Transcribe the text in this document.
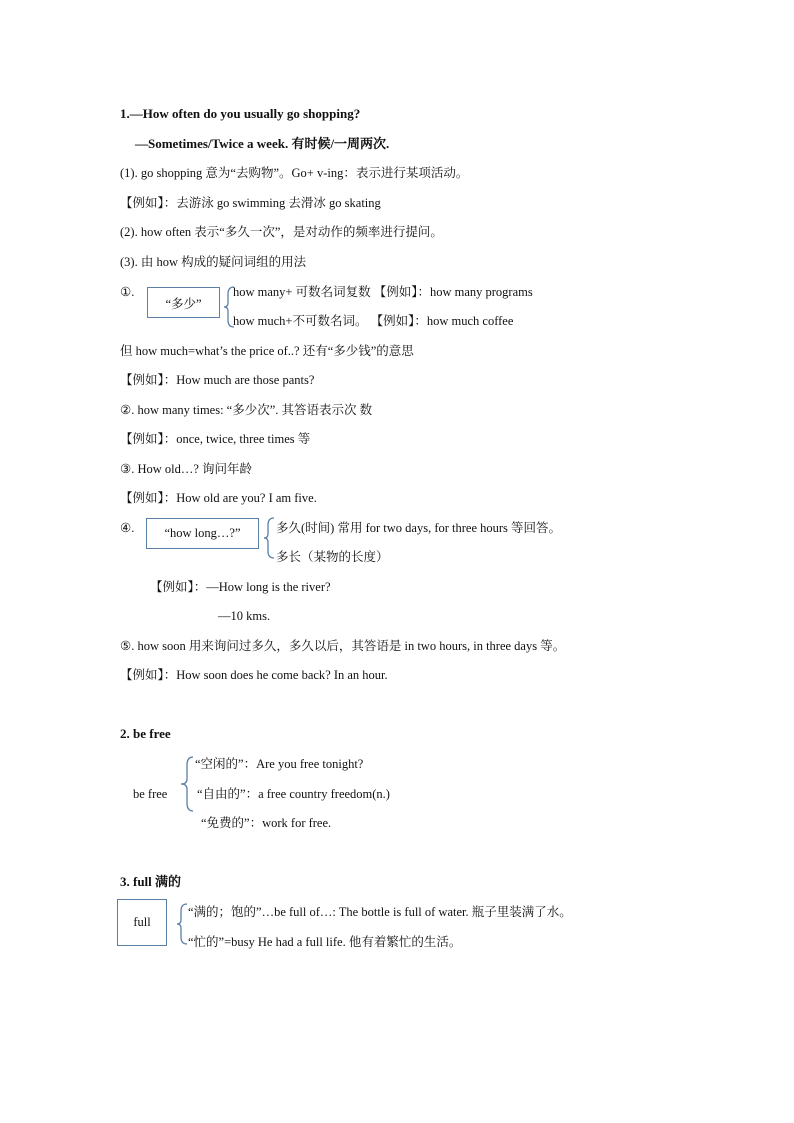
1.—How often do you usually go shopping?
—Sometimes/Twice a week. 有时候/一周两次.
(1). go shopping 意为“去购物”。Go+ v-ing：表示进行某项活动。
【例如】：去游泳 go swimming 去滑冰 go skating
(2). how often 表示“多久一次”，是对动作的频率进行提问。
(3). 由 how 构成的疑问词组的用法
①.
“多少”
how many+ 可数名词复数 【例如】：how many programs
how much+不可数名词。 【例如】：how much coffee
但 how much=what’s the price of..? 还有“多少钱”的意思
【例如】：How much are those pants?
②. how many times: “多少次”. 其答语表示次 数
【例如】：once, twice, three times 等
③. How old…? 询问年龄
【例如】：How old are you? I am five.
④. “how long…?”	多久(时间) 常用 for two days, for three hours 等回答。
多长（某物的长度）
【例如】：—How long is the river?
—10 kms.
⑤. how soon 用来询问过多久，多久以后，其答语是 in two hours, in three days 等。
【例如】：How soon does he come back? In an hour.
2. be free
be free
“空闲的”：Are you free tonight?
“自由的”：a free country freedom(n.)
“免费的”：work for free.
3. full 满的
full
“满的；饱的”…be full of…: The bottle is full of water. 瓶子里装满了水。
“忙的”=busy He had a full life. 他有着繁忙的生活。
